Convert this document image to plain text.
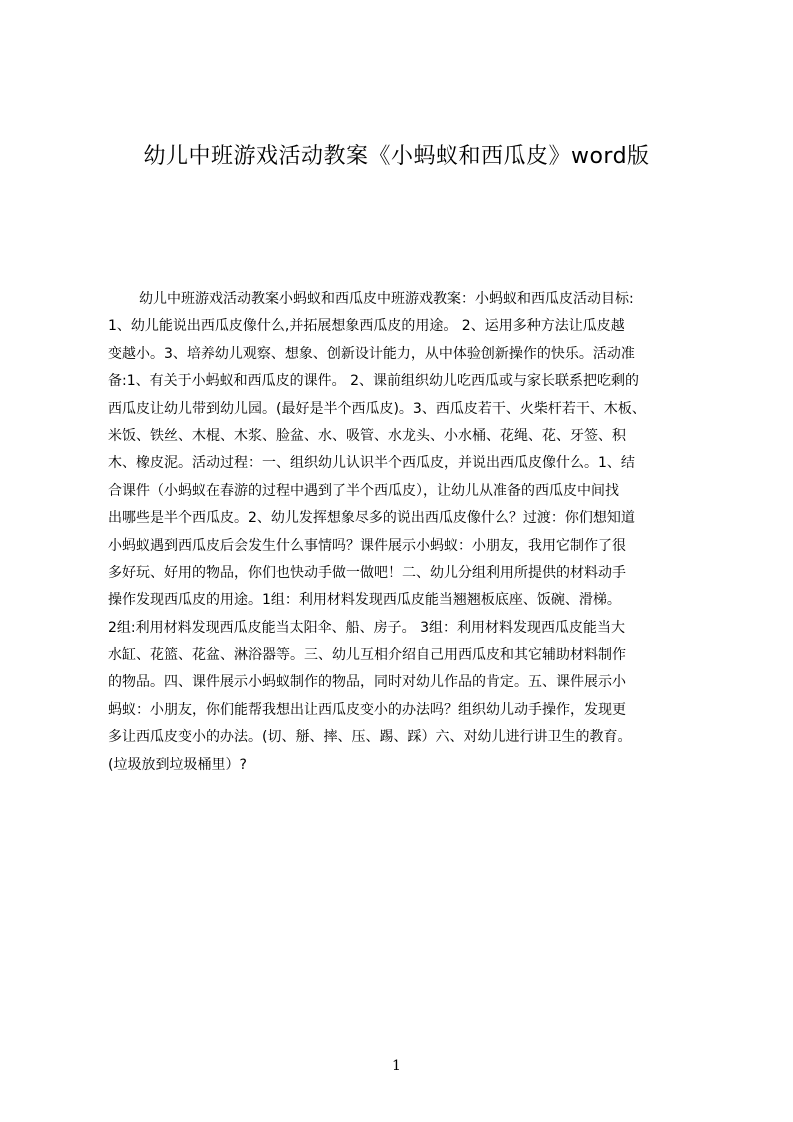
幼儿中班游戏活动教案《小蚂蚁和西瓜皮》word版
幼儿中班游戏活动教案小蚂蚁和西瓜皮中班游戏教案：小蚂蚁和西瓜皮活动目标:
1、幼儿能说出西瓜皮像什么,并拓展想象西瓜皮的用途。 2、运用多种方法让瓜皮越
变越小。3、培养幼儿观察、想象、创新设计能力，从中体验创新操作的快乐。活动准
备:1、有关于小蚂蚁和西瓜皮的课件。 2、课前组织幼儿吃西瓜或与家长联系把吃剩的
西瓜皮让幼儿带到幼儿园。(最好是半个西瓜皮)。3、西瓜皮若干、火柴杆若干、木板、
米饭、铁丝、木棍、木浆、脸盆、水、吸管、水龙头、小水桶、花绳、花、牙签、积
木、橡皮泥。活动过程：一、组织幼儿认识半个西瓜皮，并说出西瓜皮像什么。1、结
合课件（小蚂蚁在春游的过程中遇到了半个西瓜皮），让幼儿从准备的西瓜皮中间找
出哪些是半个西瓜皮。2、幼儿发挥想象尽多的说出西瓜皮像什么？过渡：你们想知道
小蚂蚁遇到西瓜皮后会发生什么事情吗？课件展示小蚂蚁：小朋友，我用它制作了很
多好玩、好用的物品，你们也快动手做一做吧！二、幼儿分组利用所提供的材料动手
操作发现西瓜皮的用途。1组：利用材料发现西瓜皮能当翘翘板底座、饭碗、滑梯。
2组:利用材料发现西瓜皮能当太阳伞、船、房子。 3组：利用材料发现西瓜皮能当大
水缸、花篮、花盆、淋浴器等。三、幼儿互相介绍自己用西瓜皮和其它辅助材料制作
的物品。四、课件展示小蚂蚁制作的物品，同时对幼儿作品的肯定。五、课件展示小
蚂蚁：小朋友，你们能帮我想出让西瓜皮变小的办法吗？组织幼儿动手操作，发现更
多让西瓜皮变小的办法。(切、掰、摔、压、踢、踩）六、对幼儿进行讲卫生的教育。
(垃圾放到垃圾桶里）?
1
